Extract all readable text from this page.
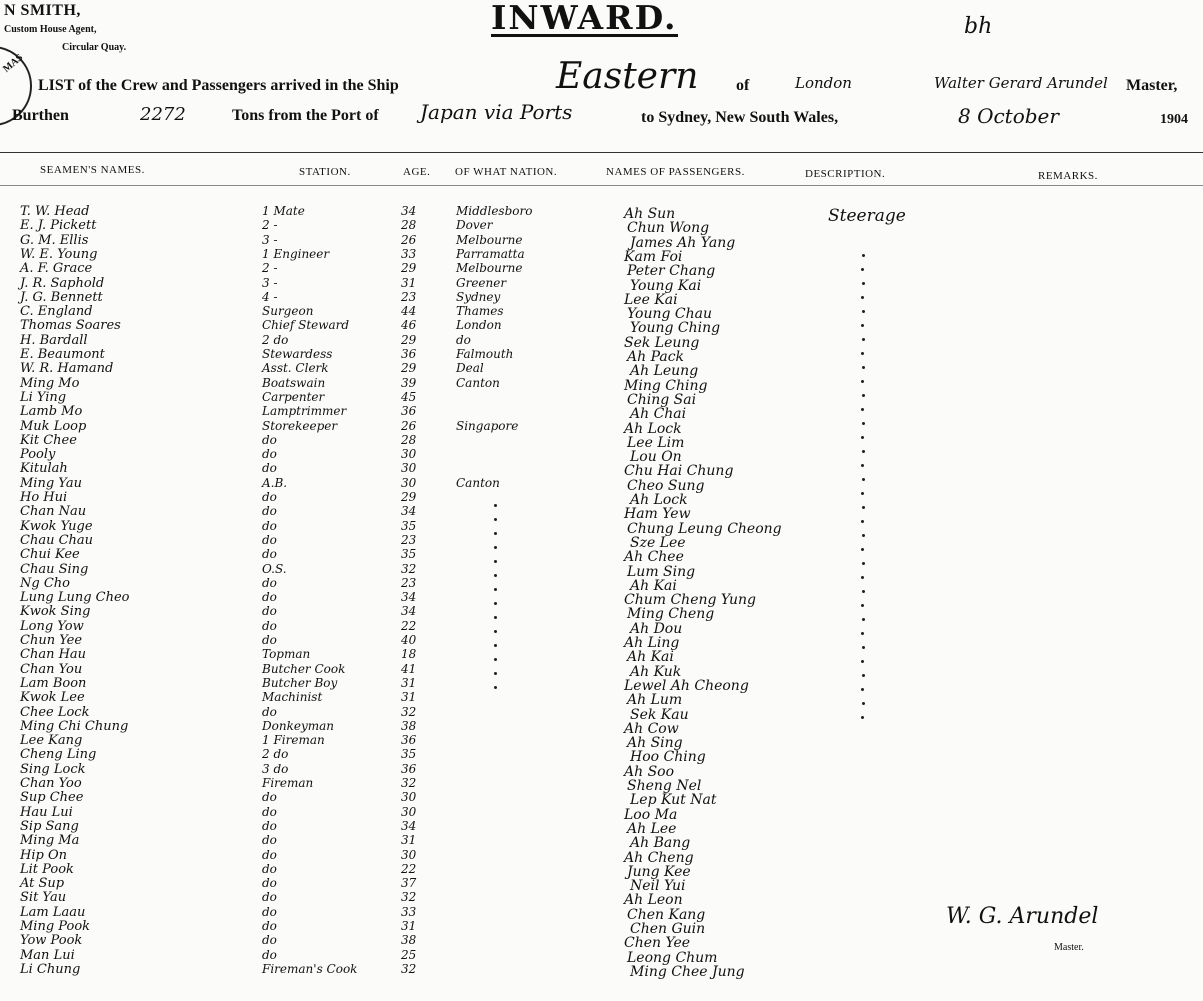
N SMITH,
Custom House Agent,
Circular Quay.
MAS
INWARD.
LIST of the Crew and Passengers arrived in the Ship	Eastern of	London	Walter Gerard Arundel Master,
bh
Burthen	2272	Tons from the Port of Japan via Ports	to Sydney, New South Wales,	8 October	1904
SEAMEN'S NAMES.	STATION.	AGE. OF WHAT NATION.	NAMES OF PASSENGERS.	DESCRIPTION.	REMARKS.
T. W. Head	1 Mate	34	Middlesboro
E. J. Pickett	2 -	28	Dover
G. M. Ellis	3 -	26	Melbourne
W. E. Young	1 Engineer	33	Parramatta
A. F. Grace	2 -	29	Melbourne
J. R. Saphold	3 -	31	Greener
J. G. Bennett	4 -	23	Sydney
C. England	Surgeon	44	Thames
Thomas Soares	Chief Steward	46	London
H. Bardall	2 do	29	do
E. Beaumont	Stewardess	36	Falmouth
W. R. Hamand	Asst. Clerk	29	Deal
Ming Mo	Boatswain	39	Canton
Li Ying	Carpenter	45
Lamb Mo	Lamptrimmer	36
Muk Loop	Storekeeper	26	Singapore
Kit Chee	do	28
Pooly	do	30
Kitulah	do	30
Ming Yau	A.B.	30	Canton
Ho Hui	do	29
Chan Nau	do	34
Kwok Yuge	do	35
Chau Chau	do	23
Chui Kee	do	35
Chau Sing	O.S.	32
Ng Cho	do	23
Lung Lung Cheo	do	34
Kwok Sing	do	34
Long Yow	do	22
Chun Yee	do	40
Chan Hau	Topman	18
Chan You	Butcher Cook	41
Lam Boon	Butcher Boy	31
Kwok Lee	Machinist	31
Chee Lock	do	32
Ming Chi Chung	Donkeyman	38
Lee Kang	1 Fireman	36
Cheng Ling	2 do	35
Sing Lock	3 do	36
Chan Yoo	Fireman	32
Sup Chee	do	30
Hau Lui	do	30
Sip Sang	do	34
Ming Ma	do	31
Hip On	do	30
Lit Pook	do	22
At Sup	do	37
Sit Yau	do	32
Lam Laau	do	33
Ming Pook	do	31
Yow Pook	do	38
Man Lui	do	25
Li Chung	Fireman's Cook	32
Ah Sun
Chun Wong
James Ah Yang
Kam Foi
Peter Chang
Young Kai
Lee Kai
Young Chau
Young Ching
Sek Leung
Ah Pack
Ah Leung
Ming Ching
Ching Sai
Ah Chai
Ah Lock
Lee Lim
Lou On
Chu Hai Chung
Cheo Sung
Ah Lock
Ham Yew
Chung Leung Cheong
Sze Lee
Ah Chee
Lum Sing
Ah Kai
Chum Cheng Yung
Ming Cheng
Ah Dou
Ah Ling
Ah Kai
Ah Kuk
Lewel Ah Cheong
Ah Lum
Sek Kau
Ah Cow
Ah Sing
Hoo Ching
Ah Soo
Sheng Nel
Lep Kut Nat
Loo Ma
Ah Lee
Ah Bang
Ah Cheng
Jung Kee
Neil Yui
Ah Leon
Chen Kang
Chen Guin
Chen Yee
Leong Chum
Ming Chee Jung
Steerage
W. G. Arundel
Master.
